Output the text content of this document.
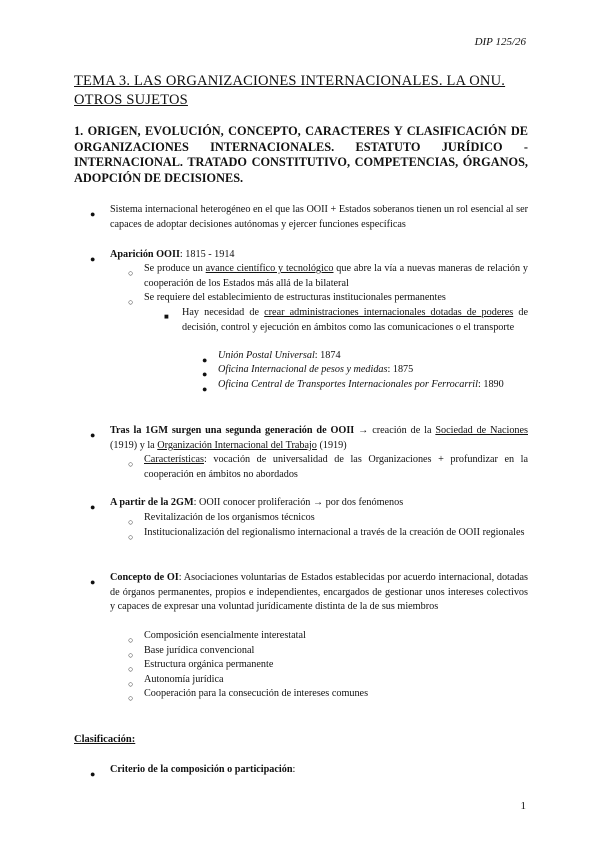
DIP 125/26
TEMA 3. LAS ORGANIZACIONES INTERNACIONALES. LA ONU. OTROS SUJETOS
1. ORIGEN, EVOLUCIÓN, CONCEPTO, CARACTERES Y CLASIFICACIÓN DE ORGANIZACIONES INTERNACIONALES. ESTATUTO JURÍDICO - INTERNACIONAL. TRATADO CONSTITUTIVO, COMPETENCIAS, ÓRGANOS, ADOPCIÓN DE DECISIONES.
● Sistema internacional heterogéneo en el que las OOII + Estados soberanos tienen un rol esencial al ser capaces de adoptar decisiones autónomas y ejercer funciones específicas
● Aparición OOII: 1815 - 1914
○ Se produce un avance científico y tecnológico que abre la vía a nuevas maneras de relación y cooperación de los Estados más allá de la bilateral
○ Se requiere del establecimiento de estructuras institucionales permanentes
■ Hay necesidad de crear administraciones internacionales dotadas de poderes de decisión, control y ejecución en ámbitos como las comunicaciones o el transporte
● Unión Postal Universal: 1874
● Oficina Internacional de pesos y medidas: 1875
● Oficina Central de Transportes Internacionales por Ferrocarril: 1890
● Tras la 1GM surgen una segunda generación de OOII → creación de la Sociedad de Naciones (1919) y la Organización Internacional del Trabajo (1919)
○ Características: vocación de universalidad de las Organizaciones + profundizar en la cooperación en ámbitos no abordados
● A partir de la 2GM: OOII conocer proliferación → por dos fenómenos
○ Revitalización de los organismos técnicos
○ Institucionalización del regionalismo internacional a través de la creación de OOII regionales
● Concepto de OI: Asociaciones voluntarias de Estados establecidas por acuerdo internacional, dotadas de órganos permanentes, propios e independientes, encargados de gestionar unos intereses colectivos y capaces de expresar una voluntad jurídicamente distinta de la de sus miembros
○ Composición esencialmente interestatal
○ Base jurídica convencional
○ Estructura orgánica permanente
○ Autonomía jurídica
○ Cooperación para la consecución de intereses comunes
Clasificación:
● Criterio de la composición o participación:
1
